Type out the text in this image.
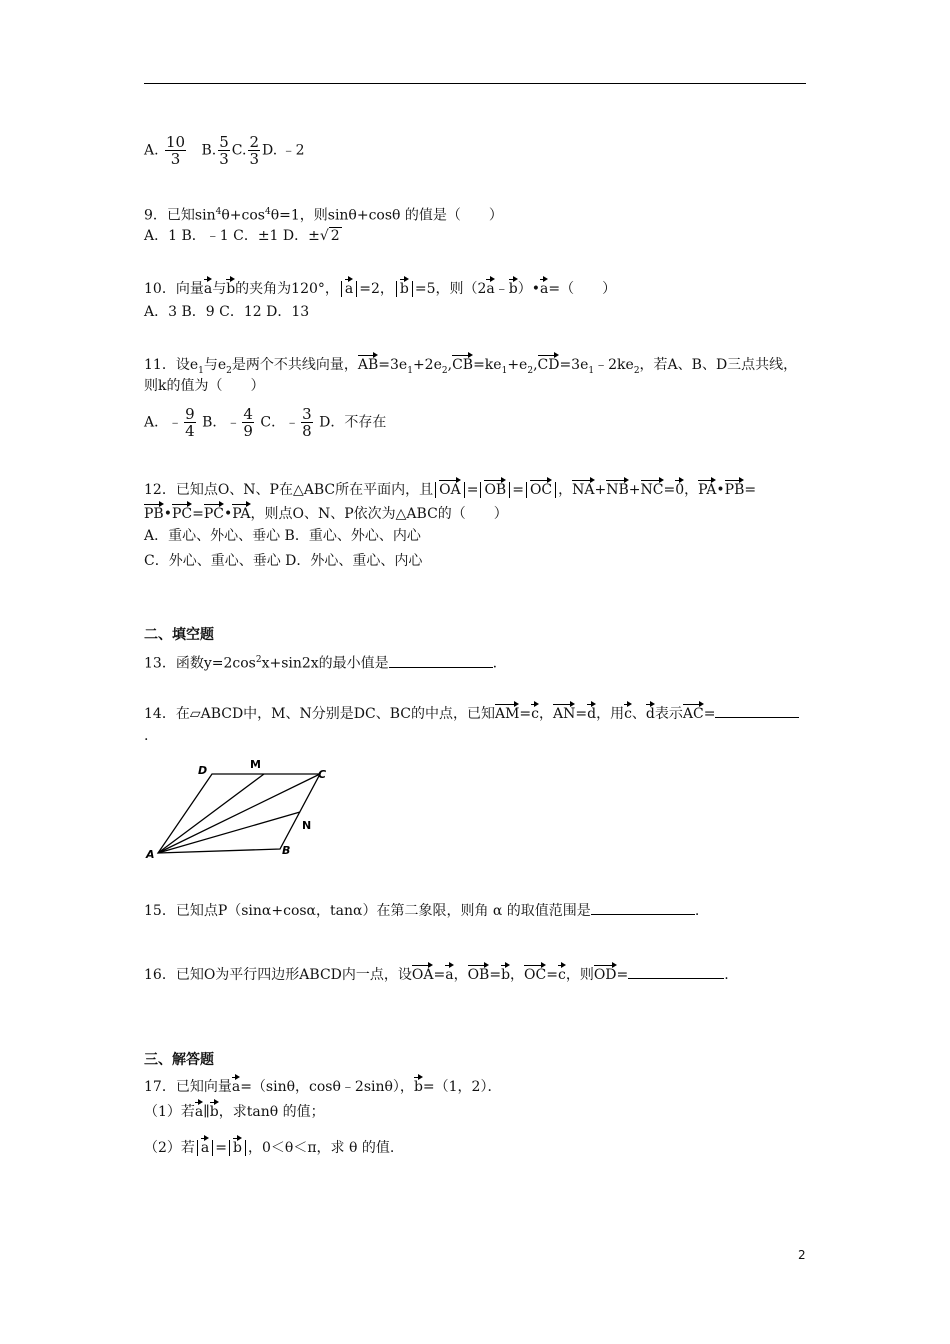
A. $\frac{10}{3} B$. $\frac{5}{3} C$. $\frac{2}{3} D$. ﹣2
9．已知$\sin^4\theta+\cos^4\theta=1$，则sinθ+cosθ 的值是（　　）
A．1 B．﹣1 C．±1 D．±√ 2
10．向量a与b的夹角为120°， a =2， b =5，则（2a﹣b）•a=（　　）
A．3 B．9 C．12 D．13
11．设$e_1$与$e_2$是两个不共线向量，$AB=3e_1+2e_2,CB=ke_1+e_2,CD=3e_1﹣2ke_2$，若A、B、D三点共线，
则k的值为（　　）
A．﹣ $\frac{9}{4}$ B．﹣ $\frac{4}{9}$ C．﹣ $\frac{3}{8}$ D．不存在
12．已知点O、N、P在△ABC所在平面内，且 OA = OB = OC ，NA+NB+NC=0，PA•PB=
PB•PC=PC•PA，则点O、N、P依次为△ABC的（　　）
A．重心、外心、垂心 B．重心、外心、内心
C．外心、重心、垂心 D．外心、重心、内心
二、填空题
13．函数$y=2\cos^2x+\sin 2x$的最小值是	.
14．在▱ABCD中，M、N分别是DC、BC的中点，已知AM=c，AN=d，用c、d表示AC=
.
D	M
C
N
A	B
15．已知点P（sinα+cosα，tanα）在第二象限，则角 α 的取值范围是	.
16．已知O为平行四边形ABCD内一点，设OA=a，OB=b，OC=c，则OD=	.
三、解答题
17．已知向量a=（sinθ，cosθ﹣2sinθ），b=（1，2）．
（1）若a∥b，求tanθ 的值；
（2）若 a = b ，0＜θ＜π，求 θ 的值.
2
